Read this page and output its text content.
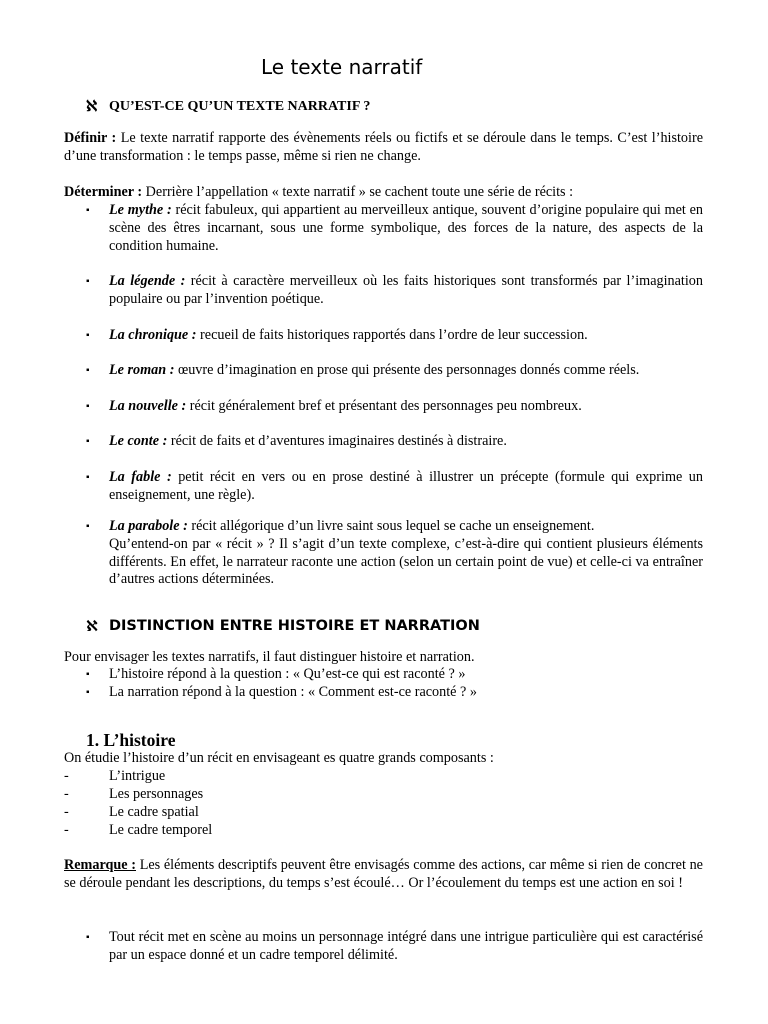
Le texte narratif
ℵ QU’EST-CE QU’UN TEXTE NARRATIF ?
Définir : Le texte narratif rapporte des évènements réels ou fictifs et se déroule dans le temps. C’est l’histoire d’une transformation : le temps passe, même si rien ne change.
Déterminer : Derrière l’appellation « texte narratif » se cachent toute une série de récits :
▪	Le mythe : récit fabuleux, qui appartient au merveilleux antique, souvent d’origine populaire qui met en scène des êtres incarnant, sous une forme symbolique, des forces de la nature, des aspects de la condition humaine.
▪	La légende : récit à caractère merveilleux où les faits historiques sont transformés par l’imagination populaire ou par l’invention poétique.
▪	La chronique : recueil de faits historiques rapportés dans l’ordre de leur succession.
▪	Le roman : œuvre d’imagination en prose qui présente des personnages donnés comme réels.
▪	La nouvelle : récit généralement bref et présentant des personnages peu nombreux.
▪	Le conte : récit de faits et d’aventures imaginaires destinés à distraire.
▪	La fable : petit récit en vers ou en prose destiné à illustrer un précepte (formule qui exprime un enseignement, une règle).
▪	La parabole : récit allégorique d’un livre saint sous lequel se cache un enseignement.
Qu’entend-on par « récit » ? Il s’agit d’un texte complexe, c’est-à-dire qui contient plusieurs éléments différents. En effet, le narrateur raconte une action (selon un certain point de vue) et celle-ci va entraîner d’autres actions déterminées.
ℵ DISTINCTION ENTRE HISTOIRE ET NARRATION
Pour envisager les textes narratifs, il faut distinguer histoire et narration.
▪	L’histoire répond à la question : « Qu’est-ce qui est raconté ? »
▪	La narration répond à la question : « Comment est-ce raconté ? »
1. L’histoire
On étudie l’histoire d’un récit en envisageant es quatre grands composants :
-	L’intrigue
-	Les personnages
-	Le cadre spatial
-	Le cadre temporel
Remarque : Les éléments descriptifs peuvent être envisagés comme des actions, car même si rien de concret ne se déroule pendant les descriptions, du temps s’est écoulé… Or l’écoulement du temps est une action en soi !
▪	Tout récit met en scène au moins un personnage intégré dans une intrigue particulière qui est caractérisé par un espace donné et un cadre temporel délimité.
